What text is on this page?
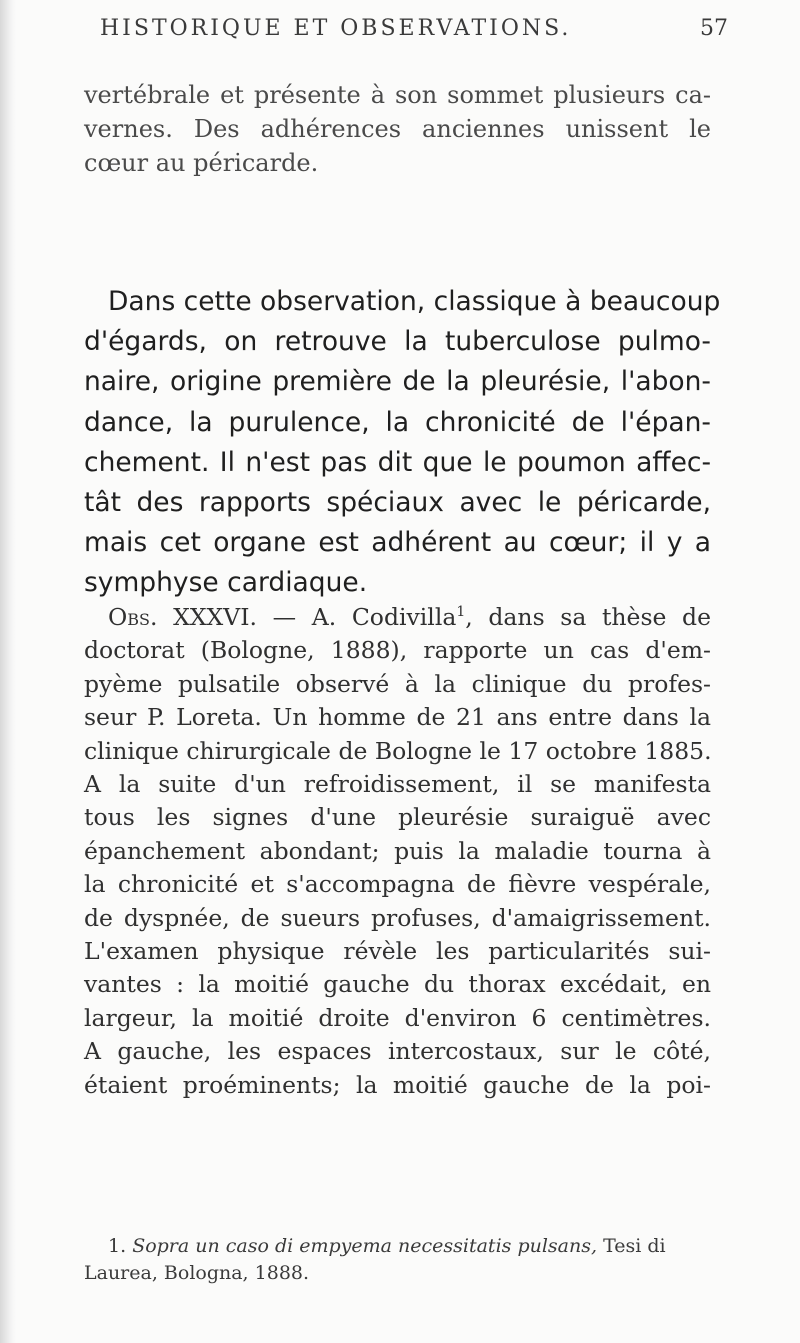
HISTORIQUE ET OBSERVATIONS.	57
vertébrale et présente à son sommet plusieurs ca-
vernes. Des adhérences anciennes unissent le
cœur au péricarde.
Dans cette observation, classique à beaucoup
d'égards, on retrouve la tuberculose pulmo-
naire, origine première de la pleurésie, l'abon-
dance, la purulence, la chronicité de l'épan-
chement. Il n'est pas dit que le poumon affec-
tât des rapports spéciaux avec le péricarde,
mais cet organe est adhérent au cœur; il y a
symphyse cardiaque.
Obs. XXXVI. — A. Codivilla$^1$, dans sa thèse de
doctorat (Bologne, 1888), rapporte un cas d'em-
pyème pulsatile observé à la clinique du profes-
seur P. Loreta. Un homme de 21 ans entre dans la
clinique chirurgicale de Bologne le 17 octobre 1885.
A la suite d'un refroidissement, il se manifesta
tous les signes d'une pleurésie suraiguë avec
épanchement abondant; puis la maladie tourna à
la chronicité et s'accompagna de fièvre vespérale,
de dyspnée, de sueurs profuses, d'amaigrissement.
L'examen physique révèle les particularités sui-
vantes : la moitié gauche du thorax excédait, en
largeur, la moitié droite d'environ 6 centimètres.
A gauche, les espaces intercostaux, sur le côté,
étaient proéminents; la moitié gauche de la poi-
1. Sopra un caso di empyema necessitatis pulsans, Tesi di
Laurea, Bologna, 1888.
